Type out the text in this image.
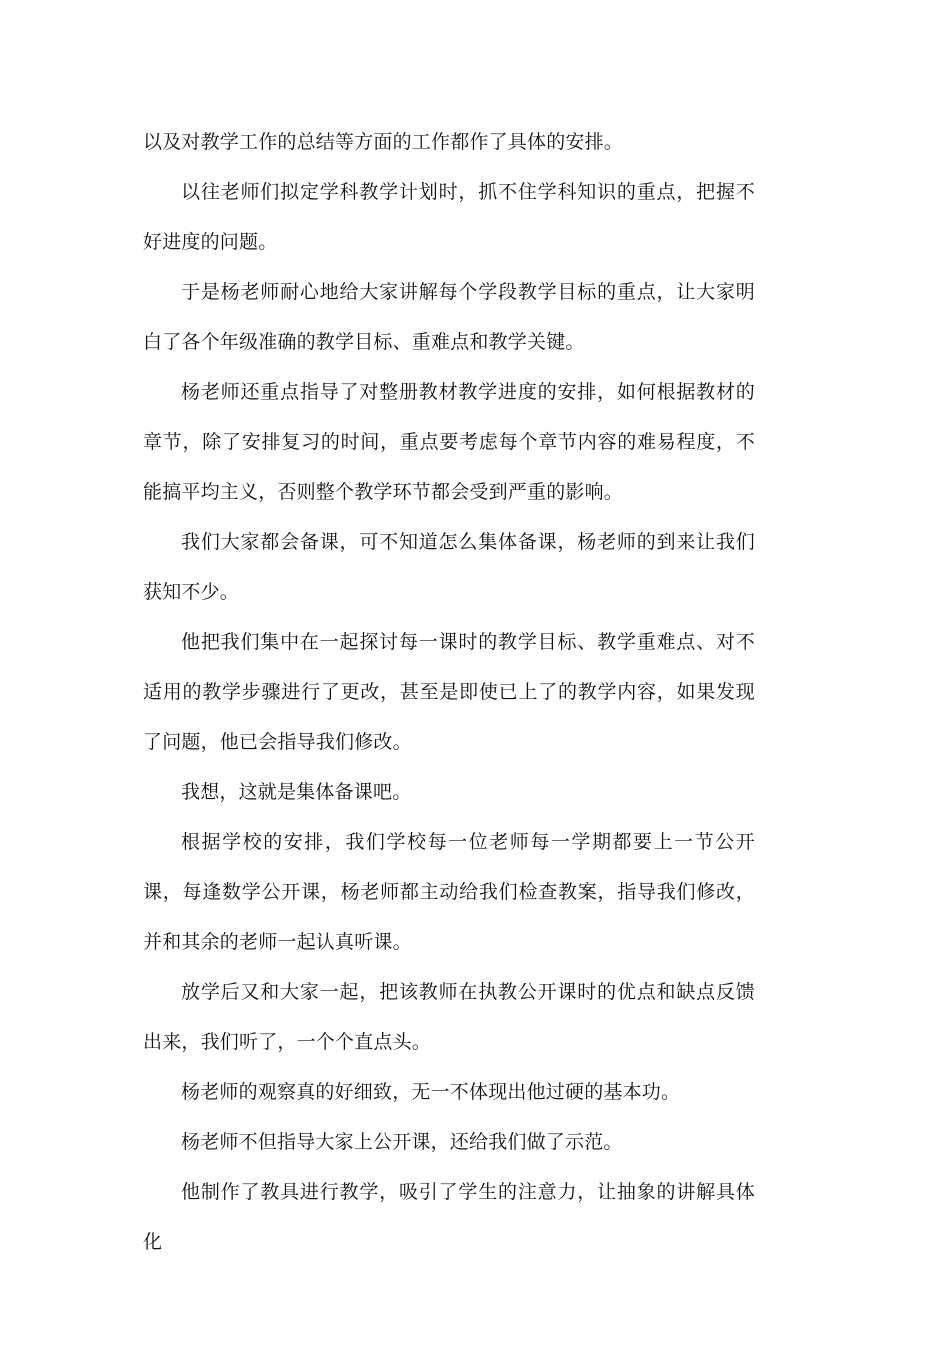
以及对教学工作的总结等方面的工作都作了具体的安排。

以往老师们拟定学科教学计划时，抓不住学科知识的重点，把握不好进度的问题。

于是杨老师耐心地给大家讲解每个学段教学目标的重点，让大家明白了各个年级准确的教学目标、重难点和教学关键。

杨老师还重点指导了对整册教材教学进度的安排，如何根据教材的章节，除了安排复习的时间，重点要考虑每个章节内容的难易程度，不能搞平均主义，否则整个教学环节都会受到严重的影响。

我们大家都会备课，可不知道怎么集体备课，杨老师的到来让我们获知不少。

他把我们集中在一起探讨每一课时的教学目标、教学重难点、对不适用的教学步骤进行了更改，甚至是即使已上了的教学内容，如果发现了问题，他已会指导我们修改。

我想，这就是集体备课吧。

根据学校的安排，我们学校每一位老师每一学期都要上一节公开课，每逢数学公开课，杨老师都主动给我们检查教案，指导我们修改，并和其余的老师一起认真听课。

放学后又和大家一起，把该教师在执教公开课时的优点和缺点反馈出来，我们听了，一个个直点头。

杨老师的观察真的好细致，无一不体现出他过硬的基本功。

杨老师不但指导大家上公开课，还给我们做了示范。

他制作了教具进行教学，吸引了学生的注意力，让抽象的讲解具体化
